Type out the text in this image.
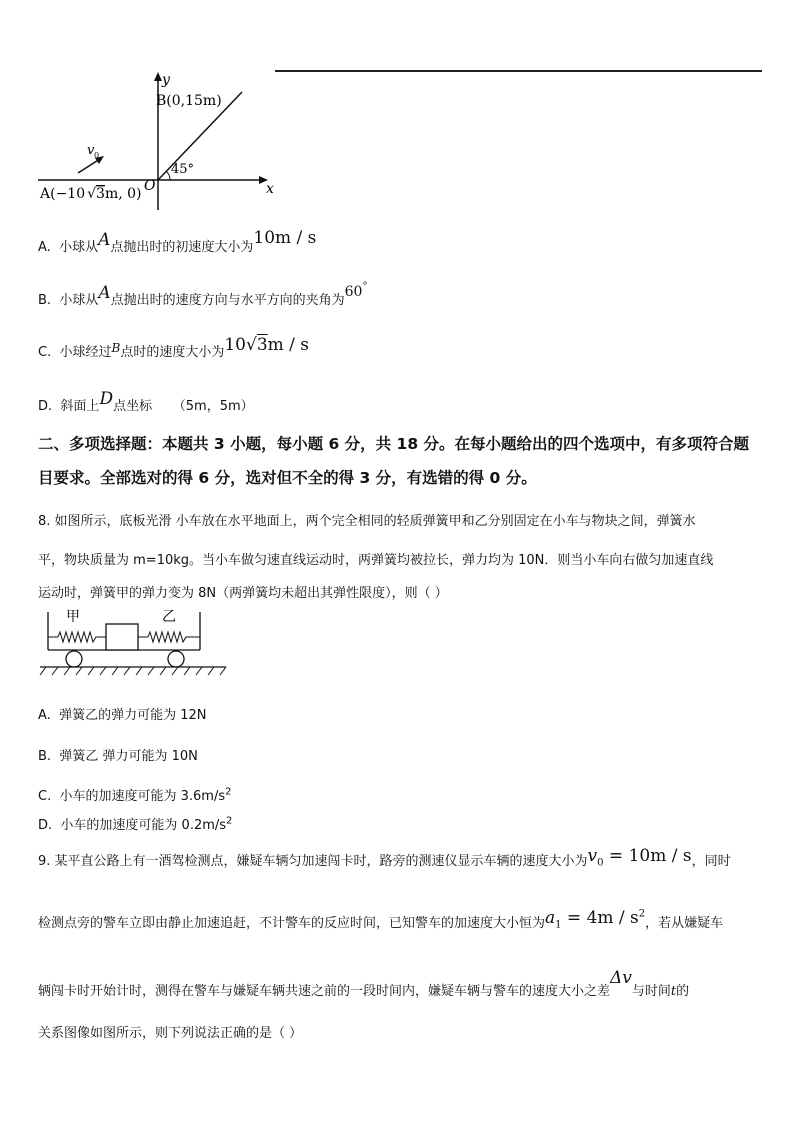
y
x
O
B(0,15m)
45°
v 0
A(−10 √3m, 0)
A. 小球从A点抛出时的初速度大小为10m / s
B. 小球从A点抛出时的速度方向与水平方向的夹角为60°
C. 小球经过B点时的速度大小为10√3m / s
D. 斜面上D点坐标 （5m，5m）
二、多项选择题：本题共 3 小题，每小题 6 分，共 18 分。在每小题给出的四个选项中，有多项符合题
目要求。全部选对的得 6 分，选对但不全的得 3 分，有选错的得 0 分。
8. 如图所示，底板光滑 小车放在水平地面上，两个完全相同的轻质弹簧甲和乙分别固定在小车与物块之间，弹簧水
平，物块质量为 m=10kg。当小车做匀速直线运动时，两弹簧均被拉长，弹力均为 10N．则当小车向右做匀加速直线
运动时，弹簧甲的弹力变为 8N（两弹簧均未超出其弹性限度），则（ ）
甲	乙
A. 弹簧乙的弹力可能为 12N
B. 弹簧乙 弹力可能为 10N
C. 小车的加速度可能为 $3.6m/s^2$
D. 小车的加速度可能为 $0.2m/s^2$
9. 某平直公路上有一酒驾检测点，嫌疑车辆匀加速闯卡时，路旁的测速仪显示车辆的速度大小为$v_0 = 10m / s$，同时
检测点旁的警车立即由静止加速追赶，不计警车的反应时间，已知警车的加速度大小恒为$a_1 = 4m / s^2$，若从嫌疑车
辆闯卡时开始计时，测得在警车与嫌疑车辆共速之前的一段时间内，嫌疑车辆与警车的速度大小之差Δv与时间t的
关系图像如图所示，则下列说法正确的是（ ）
